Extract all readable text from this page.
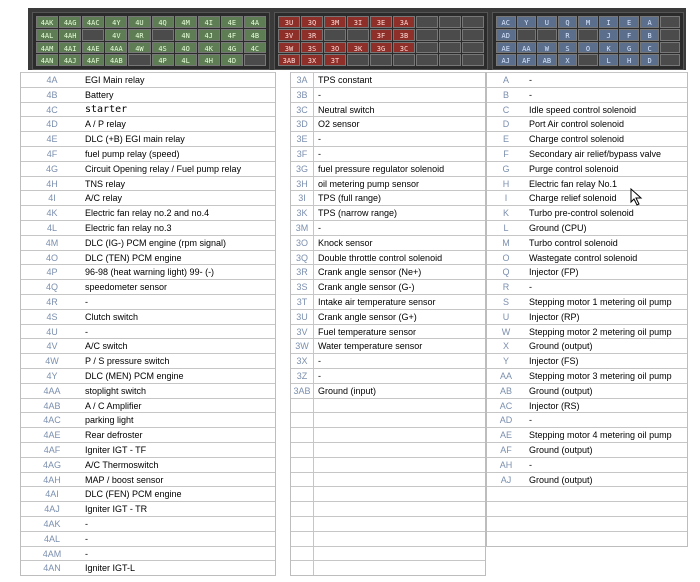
4AK	4AG	4AC	4Y	4U	4Q	4M	4I	4E	4A
4AL	4AH	4V	4R	4N	4J	4F	4B
4AM	4AI	4AE	4AA	4W	4S	4O	4K	4G	4C
4AN	4AJ	4AF	4AB	4P	4L	4H	4D
3U	3Q	3M	3I	3E	3A
3V	3R	3F	3B
3W	3S	3O	3K	3G	3C
3AB	3X	3T
AC	Y	U	Q	M	I	E	A
AD	R	J	F	B
AE	AA	W	S	O	K	G	C
AJ	AF	AB	X	L	H	D
4A	EGI Main relay
4B	Battery
4C	starter
4D	A / P relay
4E	DLC (+B) EGI main relay
4F	fuel pump relay (speed)
4G	Circuit Opening relay / Fuel pump relay
4H	TNS relay
4I	A/C relay
4K	Electric fan relay no.2 and no.4
4L	Electric fan relay no.3
4M	DLC (IG-) PCM engine (rpm signal)
4O	DLC (TEN) PCM engine
4P	96-98 (heat warning light) 99- (-)
4Q	speedometer sensor
4R	-
4S	Clutch switch
4U	-
4V	A/C switch
4W	P / S pressure switch
4Y	DLC (MEN) PCM engine
4AA	stoplight switch
4AB	A / C Amplifier
4AC	parking light
4AE	Rear defroster
4AF	Igniter IGT - TF
4AG	A/C Thermoswitch
4AH	MAP / boost sensor
4AI	DLC (FEN) PCM engine
4AJ	Igniter IGT - TR
4AK	-
4AL	-
4AM	-
4AN	Igniter IGT-L
3A	TPS constant
3B	-
3C	Neutral switch
3D	O2 sensor
3E	-
3F	-
3G	fuel pressure regulator solenoid
3H	oil metering pump sensor
3I	TPS (full range)
3K	TPS (narrow range)
3M	-
3O	Knock sensor
3Q	Double throttle control solenoid
3R	Crank angle sensor (Ne+)
3S	Crank angle sensor (G-)
3T	Intake air temperature sensor
3U	Crank angle sensor (G+)
3V	Fuel temperature sensor
3W	Water temperature sensor
3X	-
3Z	-
3AB Ground (input)
A	-
B	-
C	Idle speed control solenoid
D	Port Air control solenoid
E	Charge control solenoid
F	Secondary air relief/bypass valve
G	Purge control solenoid
H	Electric fan relay No.1
I	Charge relief solenoid
K	Turbo pre-control solenoid
L	Ground (CPU)
M	Turbo control solenoid
O	Wastegate control solenoid
Q	Injector (FP)
R	-
S	Stepping motor 1 metering oil pump
U	Injector (RP)
W	Stepping motor 2 metering oil pump
X	Ground (output)
Y	Injector (FS)
AA	Stepping motor 3 metering oil pump
AB	Ground (output)
AC	Injector (RS)
AD	-
AE	Stepping motor 4 metering oil pump
AF	Ground (output)
AH	-
AJ	Ground (output)
